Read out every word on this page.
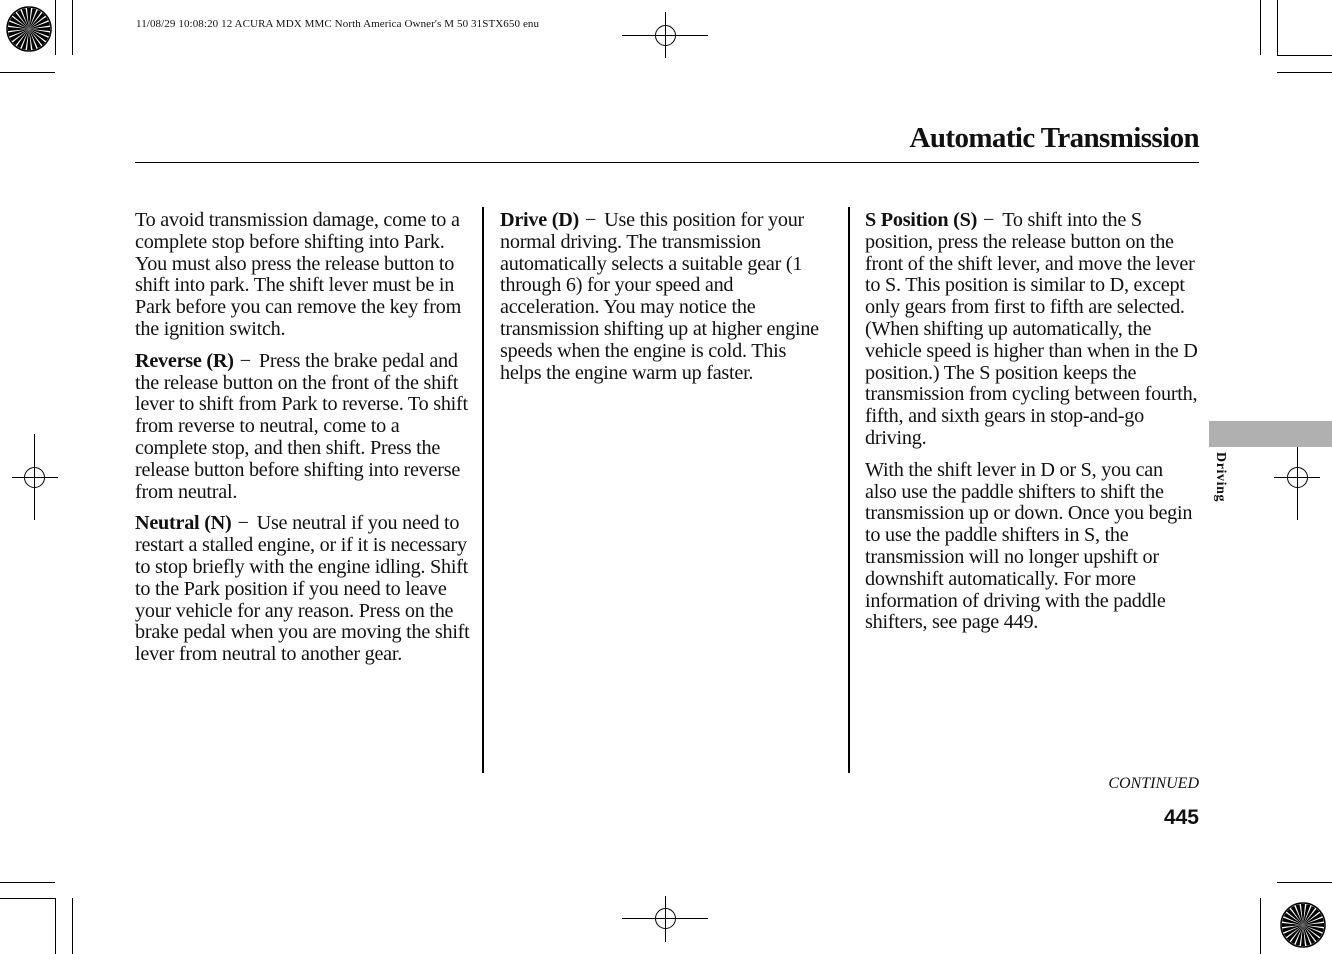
11/08/29 10:08:20 12 ACURA MDX MMC North America Owner's M 50 31STX650 enu
Automatic Transmission
Driving

To avoid transmission damage, come to a complete stop before shifting into Park. You must also press the release button to shift into park. The shift lever must be in Park before you can remove the key from the ignition switch.

Reverse (R) − Press the brake pedal and the release button on the front of the shift lever to shift from Park to reverse. To shift from reverse to neutral, come to a complete stop, and then shift. Press the release button before shifting into reverse from neutral.

Neutral (N) − Use neutral if you need to restart a stalled engine, or if it is necessary to stop briefly with the engine idling. Shift to the Park position if you need to leave your vehicle for any reason. Press on the brake pedal when you are moving the shift lever from neutral to another gear.

Drive (D) − Use this position for your normal driving. The transmission automatically selects a suitable gear (1 through 6) for your speed and acceleration. You may notice the transmission shifting up at higher engine speeds when the engine is cold. This helps the engine warm up faster.

S Position (S) − To shift into the S position, press the release button on the front of the shift lever, and move the lever to S. This position is similar to D, except only gears from first to fifth are selected. (When shifting up automatically, the vehicle speed is higher than when in the D position.) The S position keeps the transmission from cycling between fourth, fifth, and sixth gears in stop-and-go driving.

With the shift lever in D or S, you can also use the paddle shifters to shift the transmission up or down. Once you begin to use the paddle shifters in S, the transmission will no longer upshift or downshift automatically. For more information of driving with the paddle shifters, see page 449.

CONTINUED
445
